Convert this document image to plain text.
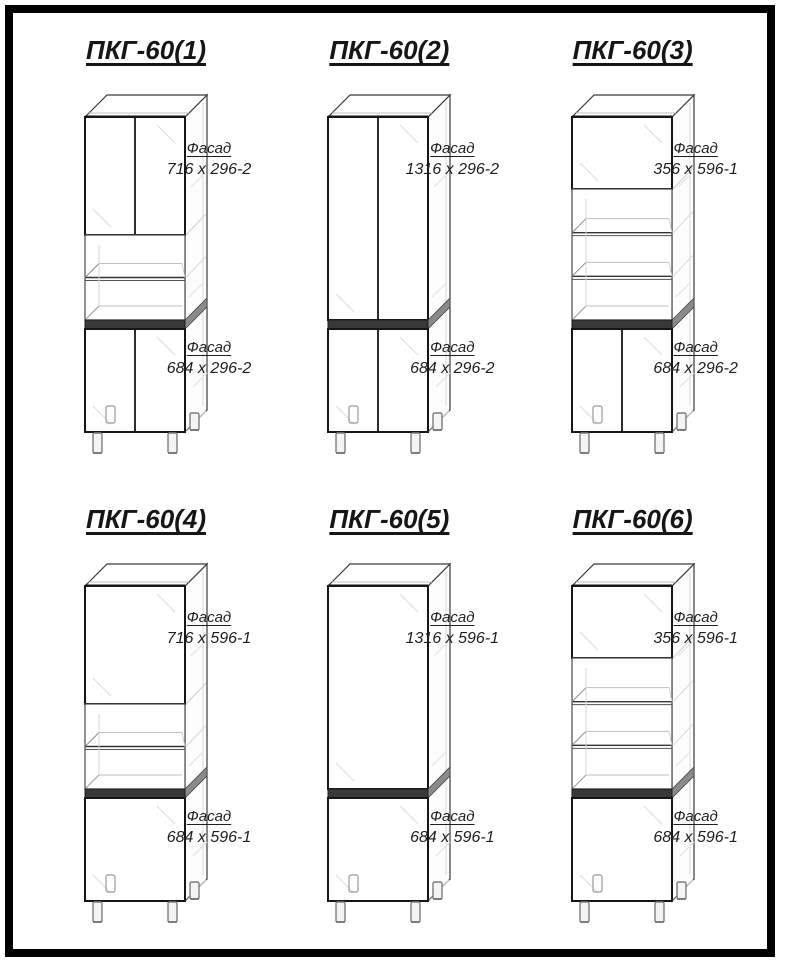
ПКГ-60(1)
Фасад
716 x 296-2
Фасад
684 x 296-2
ПКГ-60(2)
Фасад
1316 x 296-2
Фасад
684 x 296-2
ПКГ-60(3)
Фасад
356 x 596-1
Фасад
684 x 296-2
ПКГ-60(4)
Фасад
716 x 596-1
Фасад
684 x 596-1
ПКГ-60(5)
Фасад
1316 x 596-1
Фасад
684 x 596-1
ПКГ-60(6)
Фасад
356 x 596-1
Фасад
684 x 596-1
